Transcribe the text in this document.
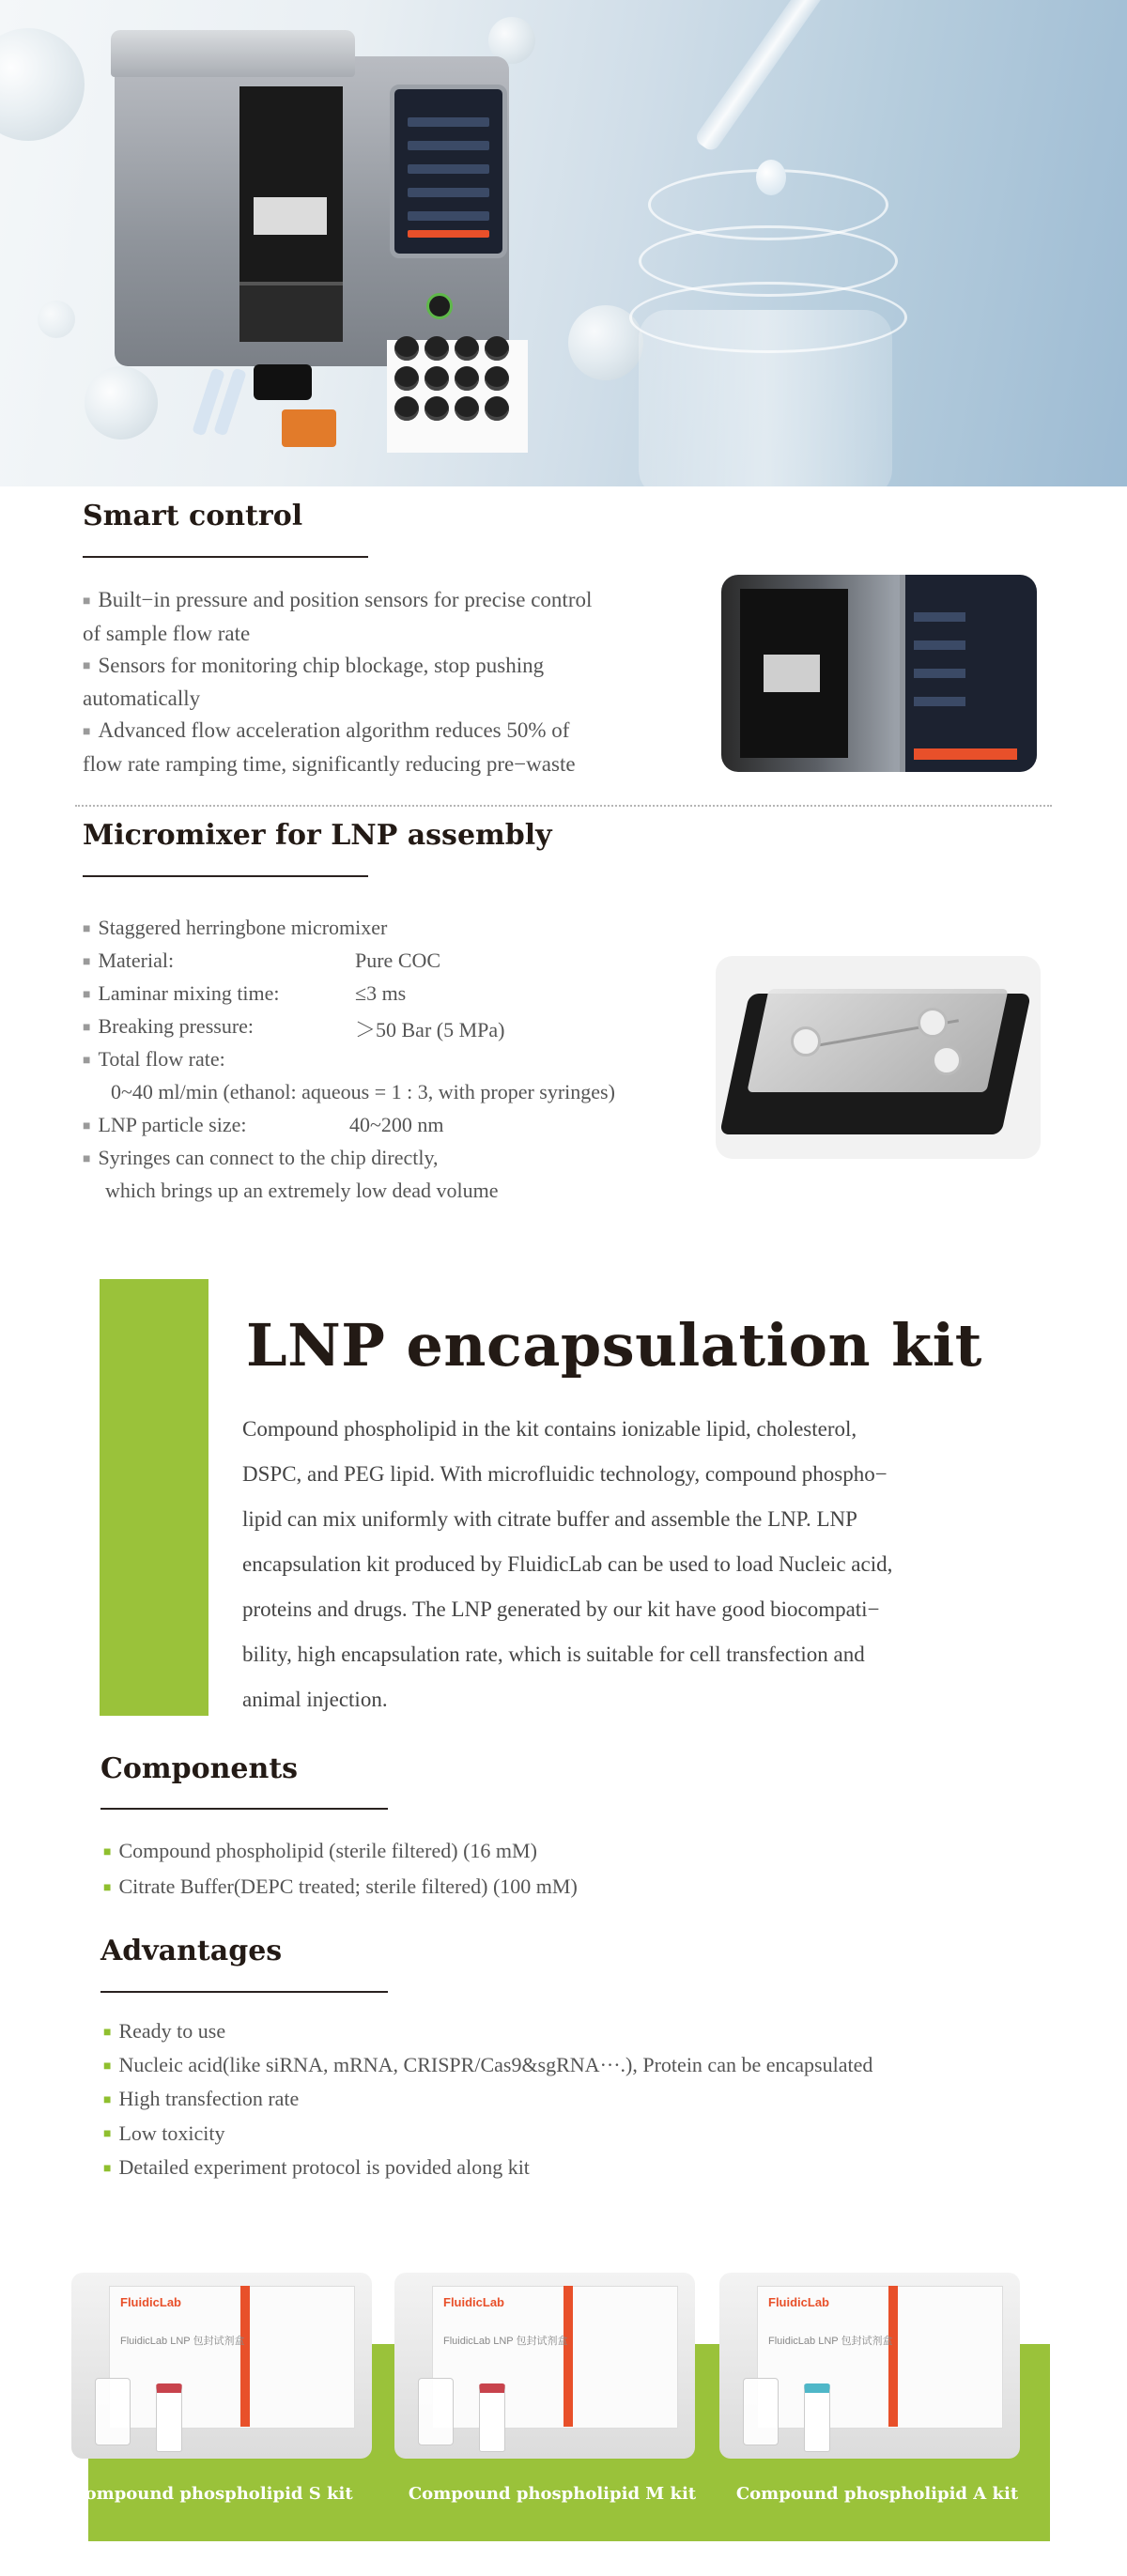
Smart control
■ Built−in pressure and position sensors for precise control
of sample flow rate
■ Sensors for monitoring chip blockage, stop pushing
automatically
■ Advanced flow acceleration algorithm reduces 50% of
flow rate ramping time, significantly reducing pre−waste
Micromixer for LNP assembly
■ Staggered herringbone micromixer
■ Material:	Pure COC
■ Laminar mixing time:	≤3 ms
■ Breaking pressure:	＞50 Bar (5 MPa)
■ Total flow rate:
0~40 ml/min (ethanol: aqueous = 1 : 3, with proper syringes)
■ LNP particle size:	40~200 nm
■ Syringes can connect to the chip directly,
which brings up an extremely low dead volume
LNP encapsulation kit
Compound phospholipid in the kit contains ionizable lipid, cholesterol,
DSPC, and PEG lipid. With microfluidic technology, compound phospho−
lipid can mix uniformly with citrate buffer and assemble the LNP. LNP
encapsulation kit produced by FluidicLab can be used to load Nucleic acid,
proteins and drugs. The LNP generated by our kit have good biocompati−
bility, high encapsulation rate, which is suitable for cell transfection and
animal injection.
Components
■ Compound phospholipid (sterile filtered) (16 mM)
■ Citrate Buffer(DEPC treated; sterile filtered) (100 mM)
Advantages
■ Ready to use
■ Nucleic acid(like siRNA, mRNA, CRISPR/Cas9&sgRNA···.), Protein can be encapsulated
■ High transfection rate
■ Low toxicity
■ Detailed experiment protocol is povided along kit
FluidicLab
FluidicLab LNP 包封试剂盒
FluidicLab
FluidicLab LNP 包封试剂盒
FluidicLab
FluidicLab LNP 包封试剂盒
Compound phospholipid S kit	Compound phospholipid M kit	Compound phospholipid A kit
